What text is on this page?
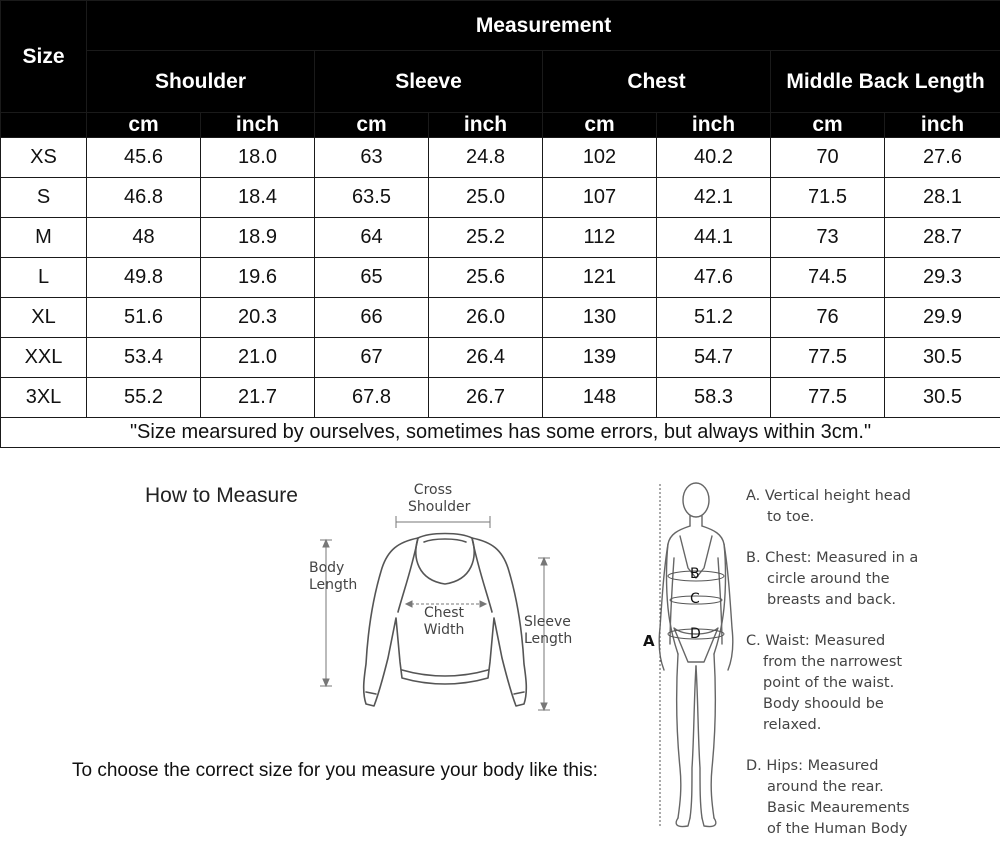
Size	Measurement							
	Shoulder		Sleeve		Chest		Middle Back Length	
	cm	inch	cm	inch	cm	inch	cm	inch
XS	45.6	18.0	63	24.8	102	40.2	70	27.6
S	46.8	18.4	63.5	25.0	107	42.1	71.5	28.1
M	48	18.9	64	25.2	112	44.1	73	28.7
L	49.8	19.6	65	25.6	121	47.6	74.5	29.3
XL	51.6	20.3	66	26.0	130	51.2	76	29.9
XXL	53.4	21.0	67	26.4	139	54.7	77.5	30.5
3XL	55.2	21.7	67.8	26.7	148	58.3	77.5	30.5
"Size mearsured by ourselves, sometimes has some errors, but always within 3cm."								
How to Measure	Cross
Shoulder
Body
Length
Chest
Width	Sleeve
Length
To choose the correct size for you measure your body like this:
A
B
C
D
A. Vertical height head
to toe.
B. Chest: Measured in a
circle around the
breasts and back.
C. Waist: Measured
from the narrowest
point of the waist.
Body shoould be
relaxed.
D. Hips: Measured
around the rear.
Basic Meaurements
of the Human Body
